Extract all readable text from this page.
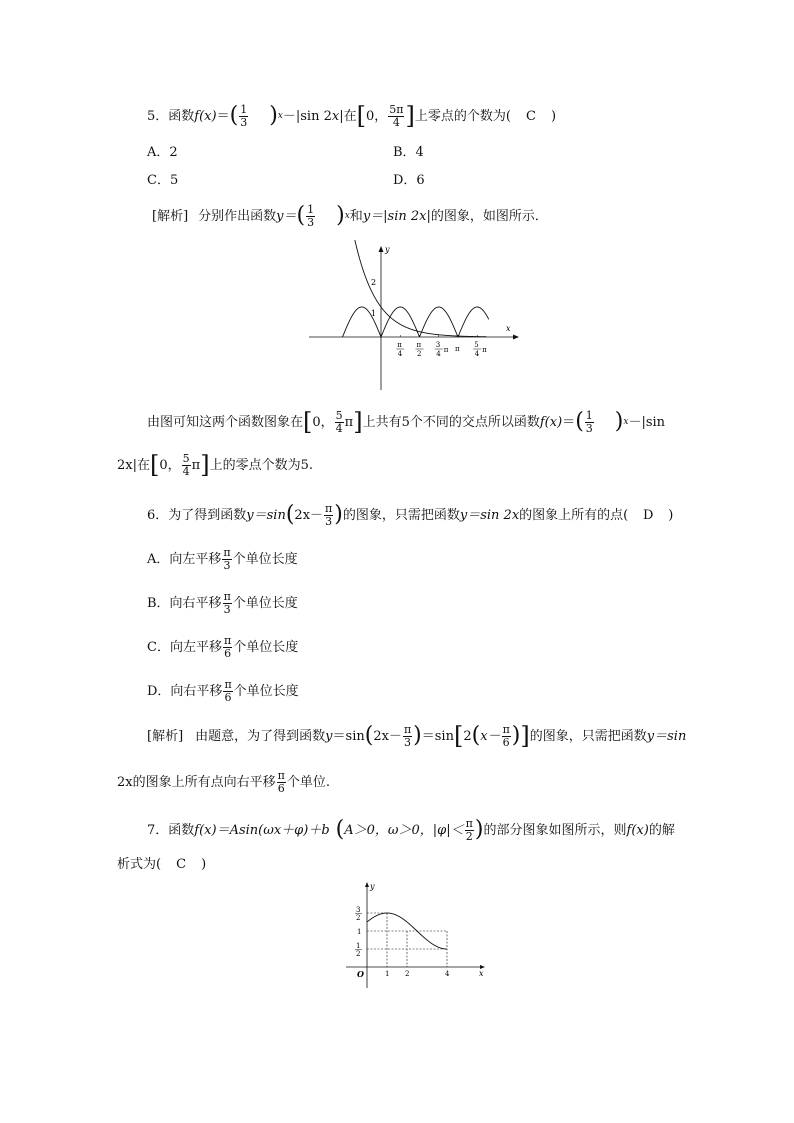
5．函数 f(x) ＝ ( $\frac{1}{3}$ ) x －|sin 2 x |在 [ 0， $\frac{5\pi}{4}$ ] 上零点的个数为(　 C 　)
A．2	B．4
C．5	D．6
[解析] 分别作出函数 y＝ ( $\frac{1}{3}$ ) x 和 y＝|sin 2x| 的图象，如图所示．
y
x
2
1
π
4
π
2
3
4 π π 5
4 π
由图可知这两个函数图象在 [ 0， $\frac{5}{4}$ π ] 上共有5个不同的交点所以函数 f(x) ＝ ( $\frac{1}{3}$ ) x －|sin
2x|在 [ 0， $\frac{5}{4}$ π ] 上的零点个数为5.
6．为了得到函数 y＝sin ( $2x- \frac{\pi}{3}$ ) 的图象，只需把函数 y＝sin 2x 的图象上所有的点(　 D 　)
A．向左平移 $\frac{\pi}{3}$ 个单位长度
B．向右平移 $\frac{\pi}{3}$ 个单位长度
C．向左平移 $\frac{\pi}{6}$ 个单位长度
D．向右平移 $\frac{\pi}{6}$ 个单位长度
[解析] 由题意，为了得到函数 y ＝sin ( $2x- \frac{\pi}{3}$ ) ＝sin [ 2 ( $x- \frac{\pi}{6}$ ) ] 的图象，只需把函数 y＝sin
2x的图象上所有点向右平移 $\frac{\pi}{6}$ 个单位.
7．函数 f(x)＝Asin(ωx＋φ)＋b ( A＞0，ω＞0，$|\varphi|< \frac{\pi}{2}$ ) 的部分图象如图所示，则 f(x) 的解
析式为(　 C 　)
y
x
O
3
2
1
1
2
1 2	4
